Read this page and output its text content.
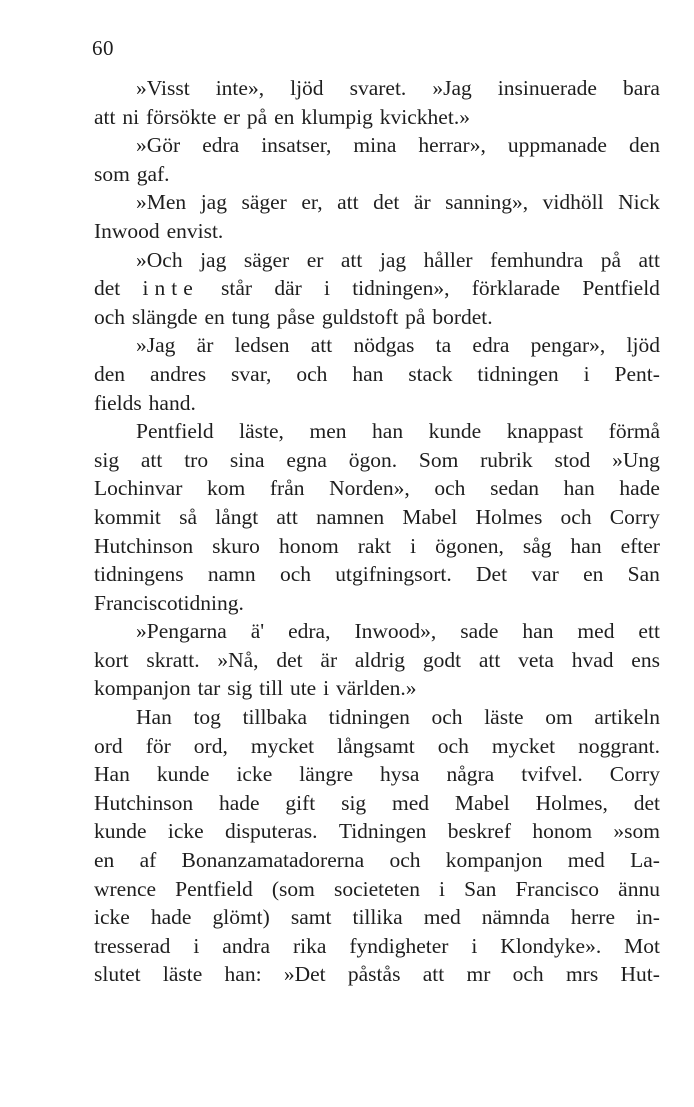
60
»Visst inte», ljöd svaret. »Jag insinuerade bara
att ni försökte er på en klumpig kvickhet.»
»Gör edra insatser, mina herrar», uppmanade den
som gaf.
»Men jag säger er, att det är sanning», vidhöll Nick
Inwood envist.
»Och jag säger er att jag håller femhundra på att
det inte står där i tidningen», förklarade Pentfield
och slängde en tung påse guldstoft på bordet.
»Jag är ledsen att nödgas ta edra pengar», ljöd
den andres svar, och han stack tidningen i Pent-
fields hand.
Pentfield läste, men han kunde knappast förmå
sig att tro sina egna ögon. Som rubrik stod »Ung
Lochinvar kom från Norden», och sedan han hade
kommit så långt att namnen Mabel Holmes och Corry
Hutchinson skuro honom rakt i ögonen, såg han efter
tidningens namn och utgifningsort. Det var en San
Franciscotidning.
»Pengarna ä' edra, Inwood», sade han med ett
kort skratt. »Nå, det är aldrig godt att veta hvad ens
kompanjon tar sig till ute i världen.»
Han tog tillbaka tidningen och läste om artikeln
ord för ord, mycket långsamt och mycket noggrant.
Han kunde icke längre hysa några tvifvel. Corry
Hutchinson hade gift sig med Mabel Holmes, det
kunde icke disputeras. Tidningen beskref honom »som
en af Bonanzamatadorerna och kompanjon med La-
wrence Pentfield (som societeten i San Francisco ännu
icke hade glömt) samt tillika med nämnda herre in-
tresserad i andra rika fyndigheter i Klondyke». Mot
slutet läste han: »Det påstås att mr och mrs Hut-
